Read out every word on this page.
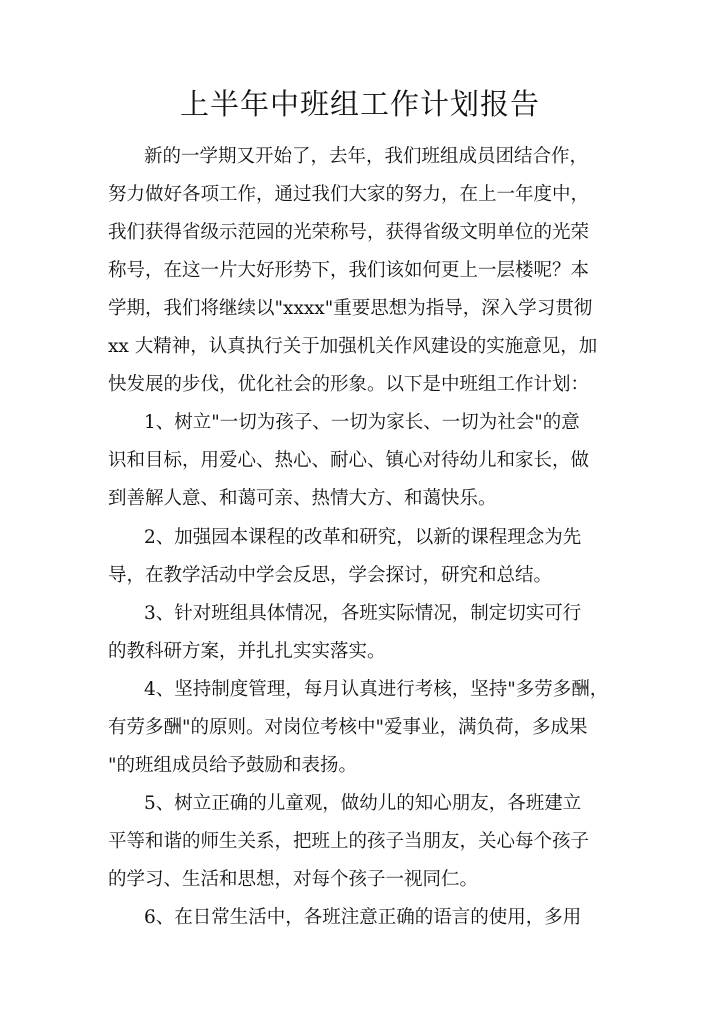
上半年中班组工作计划报告
新的一学期又开始了，去年，我们班组成员团结合作，
努力做好各项工作，通过我们大家的努力，在上一年度中，
我们获得省级示范园的光荣称号，获得省级文明单位的光荣
称号，在这一片大好形势下，我们该如何更上一层楼呢？本
学期，我们将继续以"xxxx"重要思想为指导，深入学习贯彻
xx 大精神，认真执行关于加强机关作风建设的实施意见，加
快发展的步伐，优化社会的形象。以下是中班组工作计划：
1、树立"一切为孩子、一切为家长、一切为社会"的意
识和目标，用爱心、热心、耐心、镇心对待幼儿和家长，做
到善解人意、和蔼可亲、热情大方、和蔼快乐。
2、加强园本课程的改革和研究，以新的课程理念为先
导，在教学活动中学会反思，学会探讨，研究和总结。
3、针对班组具体情况，各班实际情况，制定切实可行
的教科研方案，并扎扎实实落实。
4、坚持制度管理，每月认真进行考核，坚持"多劳多酬，
有劳多酬"的原则。对岗位考核中"爱事业，满负荷，多成果
"的班组成员给予鼓励和表扬。
5、树立正确的儿童观，做幼儿的知心朋友，各班建立
平等和谐的师生关系，把班上的孩子当朋友，关心每个孩子
的学习、生活和思想，对每个孩子一视同仁。
6、在日常生活中，各班注意正确的语言的使用，多用
